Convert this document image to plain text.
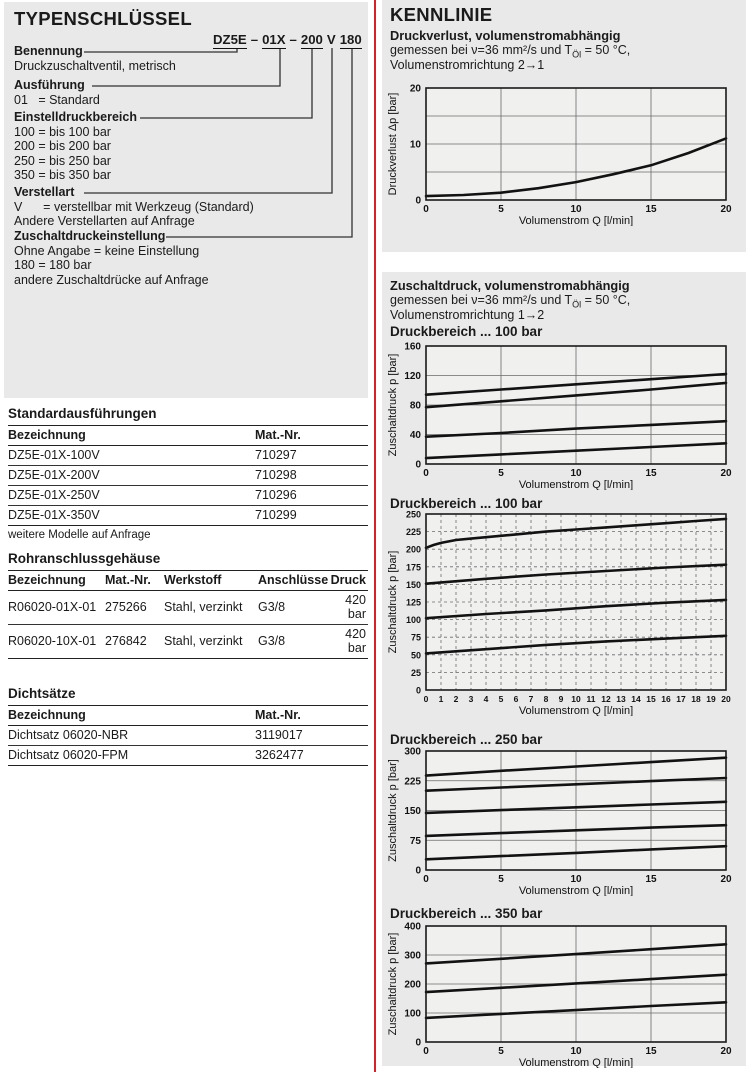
TYPENSCHLÜSSEL
DZ5E – 01X – 200 V 180
Benennung
Druckzuschaltventil, metrisch
Ausführung
01   = Standard
Einstelldruckbereich
100 = bis 100 bar
200 = bis 200 bar
250 = bis 250 bar
350 = bis 350 bar
Verstellart
V      = verstellbar mit Werkzeug (Standard)
Andere Verstellarten auf Anfrage
Zuschaltdruckeinstellung
Ohne Angabe = keine Einstellung
180 = 180 bar
andere Zuschaltdrücke auf Anfrage
Standardausführungen
Bezeichnung	Mat.-Nr.
DZ5E-01X-100V	710297
DZ5E-01X-200V	710298
DZ5E-01X-250V	710296
DZ5E-01X-350V	710299
weitere Modelle auf Anfrage
Rohranschlussgehäuse
Bezeichnung	Mat.-Nr.	Werkstoff	Anschlüsse	Druck
R06020-01X-01	275266	Stahl, verzinkt	G3/8	420 bar
R06020-10X-01	276842	Stahl, verzinkt	G3/8	420 bar
Dichtsätze
Bezeichnung	Mat.-Nr.
Dichtsatz 06020-NBR	3119017
Dichtsatz 06020-FPM	3262477
KENNLINIE
Druckverlust, volumenstromabhängig
gemessen bei ν=36 mm²/s und $T_{Öl} = 50$ °C,
Volumenstromrichtung 2→1
0
10
20
0	5	10	15	20
Volumenstrom Q [l/min]
Druckverlust Δp [bar]
Zuschaltdruck, volumenstromabhängig
gemessen bei ν=36 mm²/s und $T_{Öl} = 50$ °C,
Volumenstromrichtung 1→2
Druckbereich ... 100 bar
0
40
80
120
160
0	5	10	15	20
Volumenstrom Q [l/min]
Zuschaltdruck p [bar]
Druckbereich ... 100 bar
0
25
50
75
100
125
150
175
200
225
250
0 1 2 3 4 5 6 7 8 9 10 11 12 13 14 15 16 17 18 19 20
Volumenstrom Q [l/min]
Zuschaltdruck p [bar]
Druckbereich ... 250 bar
0
75
150
225
300
0	5	10	15	20
Volumenstrom Q [l/min]
Zuschaltdruck p [bar]
Druckbereich ... 350 bar
0
100
200
300
400
0	5	10	15	20
Volumenstrom Q [l/min]
Zuschaltdruck p [bar]
